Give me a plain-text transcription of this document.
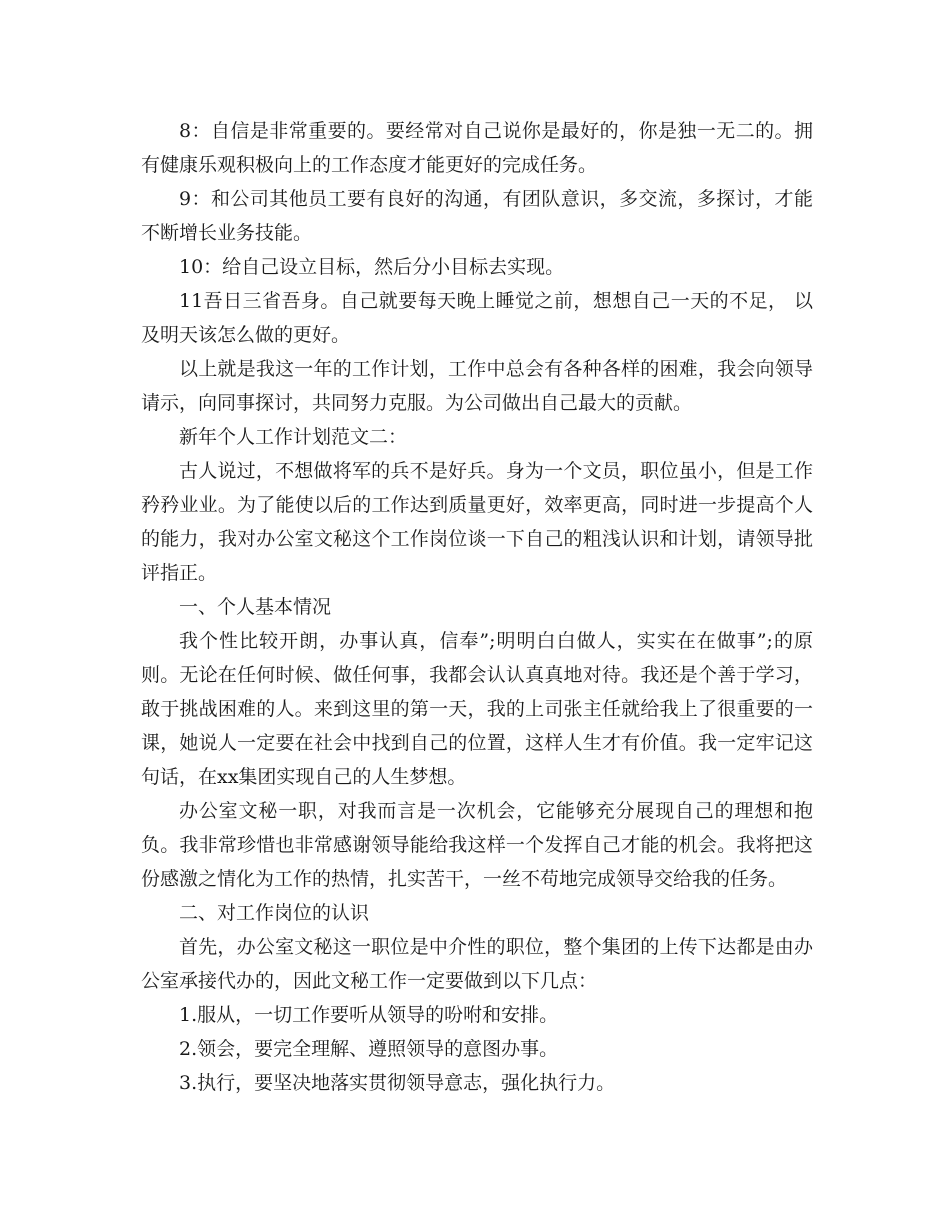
8：自信是非常重要的。要经常对自己说你是最好的，你是独一无二的。拥有健康乐观积极向上的工作态度才能更好的完成任务。

9：和公司其他员工要有良好的沟通，有团队意识，多交流，多探讨，才能不断增长业务技能。

10：给自己设立目标，然后分小目标去实现。

11吾日三省吾身。自己就要每天晚上睡觉之前，想想自己一天的不足， 以及明天该怎么做的更好。

以上就是我这一年的工作计划，工作中总会有各种各样的困难，我会向领导请示，向同事探讨，共同努力克服。为公司做出自己最大的贡献。

新年个人工作计划范文二：

古人说过，不想做将军的兵不是好兵。身为一个文员，职位虽小，但是工作矜矜业业。为了能使以后的工作达到质量更好，效率更高，同时进一步提高个人的能力，我对办公室文秘这个工作岗位谈一下自己的粗浅认识和计划，请领导批评指正。

一、个人基本情况

我个性比较开朗，办事认真，信奉”;明明白白做人，实实在在做事”;的原则。无论在任何时候、做任何事，我都会认认真真地对待。我还是个善于学习，敢于挑战困难的人。来到这里的第一天，我的上司张主任就给我上了很重要的一课，她说人一定要在社会中找到自己的位置，这样人生才有价值。我一定牢记这句话，在xx集团实现自己的人生梦想。

办公室文秘一职，对我而言是一次机会，它能够充分展现自己的理想和抱负。我非常珍惜也非常感谢领导能给我这样一个发挥自己才能的机会。我将把这份感激之情化为工作的热情，扎实苦干，一丝不苟地完成领导交给我的任务。

二、对工作岗位的认识

首先，办公室文秘这一职位是中介性的职位，整个集团的上传下达都是由办公室承接代办的，因此文秘工作一定要做到以下几点：

1.服从，一切工作要听从领导的吩咐和安排。

2.领会，要完全理解、遵照领导的意图办事。

3.执行，要坚决地落实贯彻领导意志，强化执行力。
